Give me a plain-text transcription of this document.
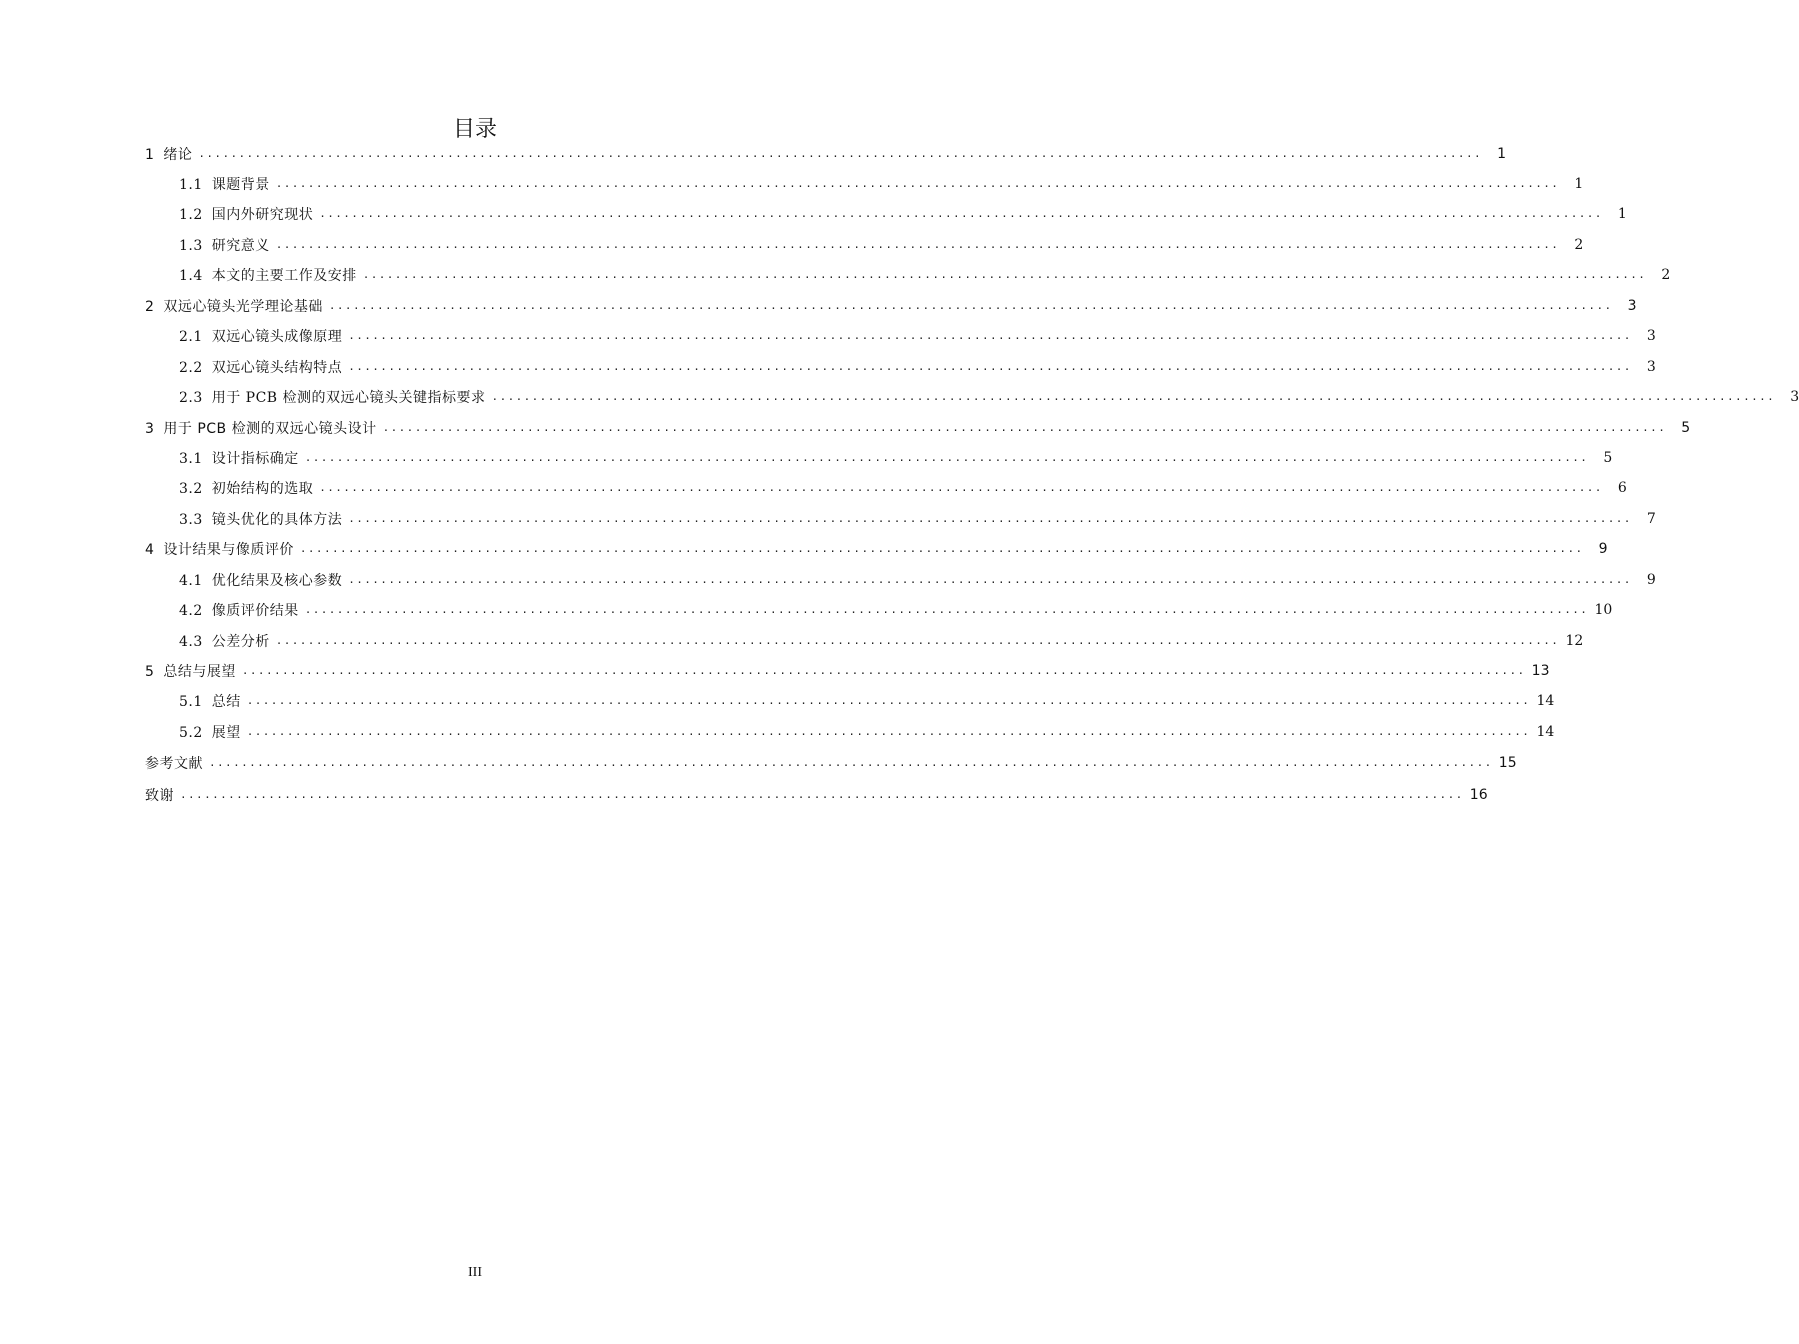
目录
1 绪论 ................................................................................................................................................................	1
1.1 课题背景 ................................................................................................................................................................	1
1.2 国内外研究现状 ................................................................................................................................................................	1
1.3 研究意义 ................................................................................................................................................................	2
1.4 本文的主要工作及安排 ................................................................................................................................................................	2
2 双远心镜头光学理论基础 ................................................................................................................................................................	3
2.1 双远心镜头成像原理 ................................................................................................................................................................	3
2.2 双远心镜头结构特点 ................................................................................................................................................................	3
2.3 用于 PCB 检测的双远心镜头关键指标要求 ................................................................................................................................................................	3
3 用于 PCB 检测的双远心镜头设计 ................................................................................................................................................................	5
3.1 设计指标确定 ................................................................................................................................................................	5
3.2 初始结构的选取 ................................................................................................................................................................	6
3.3 镜头优化的具体方法 ................................................................................................................................................................	7
4 设计结果与像质评价 ................................................................................................................................................................	9
4.1 优化结果及核心参数 ................................................................................................................................................................	9
4.2 像质评价结果 ................................................................................................................................................................ 10
4.3 公差分析 ................................................................................................................................................................ 12
5 总结与展望 ................................................................................................................................................................ 13
5.1 总结 ................................................................................................................................................................ 14
5.2 展望 ................................................................................................................................................................ 14
参考文献 ................................................................................................................................................................ 15
致谢 ................................................................................................................................................................ 16
III
